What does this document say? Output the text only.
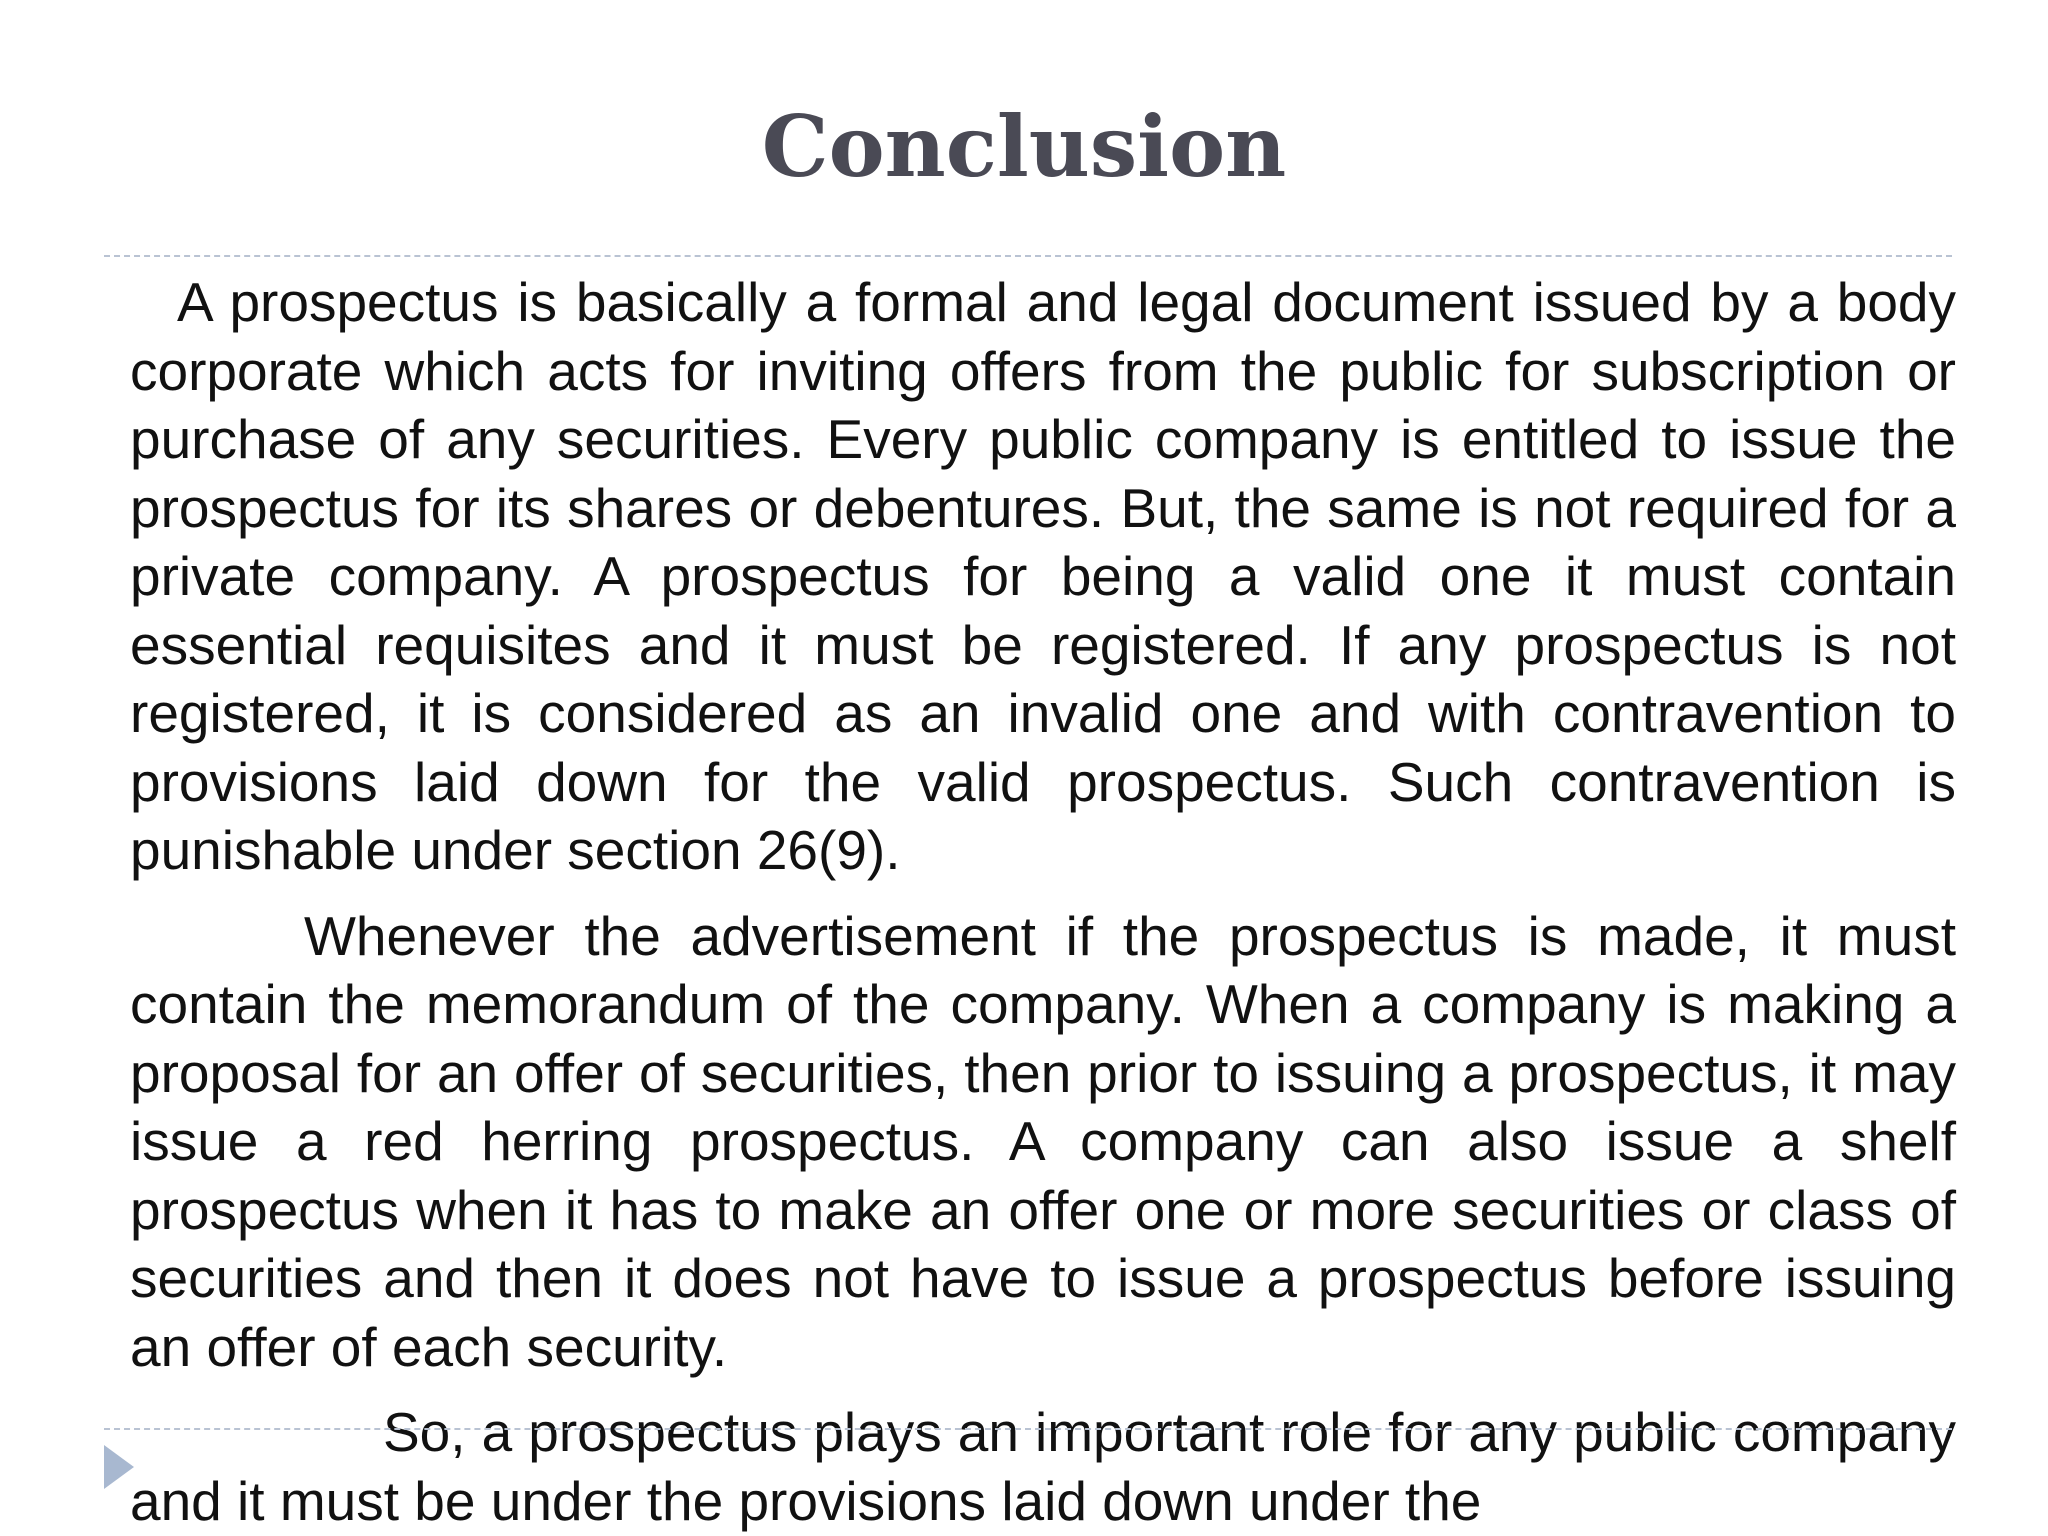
Conclusion

A prospectus is basically a formal and legal document issued by a body corporate which acts for inviting offers from the public for subscription or purchase of any securities. Every public company is entitled to issue the prospectus for its shares or debentures. But, the same is not required for a private company. A prospectus for being a valid one it must contain essential requisites and it must be registered. If any prospectus is not registered, it is considered as an invalid one and with contravention to provisions laid down for the valid prospectus. Such contravention is punishable under section 26(9).

Whenever the advertisement if the prospectus is made, it must contain the memorandum of the company. When a company is making a proposal for an offer of securities, then prior to issuing a prospectus, it may issue a red herring prospectus. A company can also issue a shelf prospectus when it has to make an offer one or more securities or class of securities and then it does not have to issue a prospectus before issuing an offer of each security.

So, a prospectus plays an important role for any public company and it must be under the provisions laid down under the
